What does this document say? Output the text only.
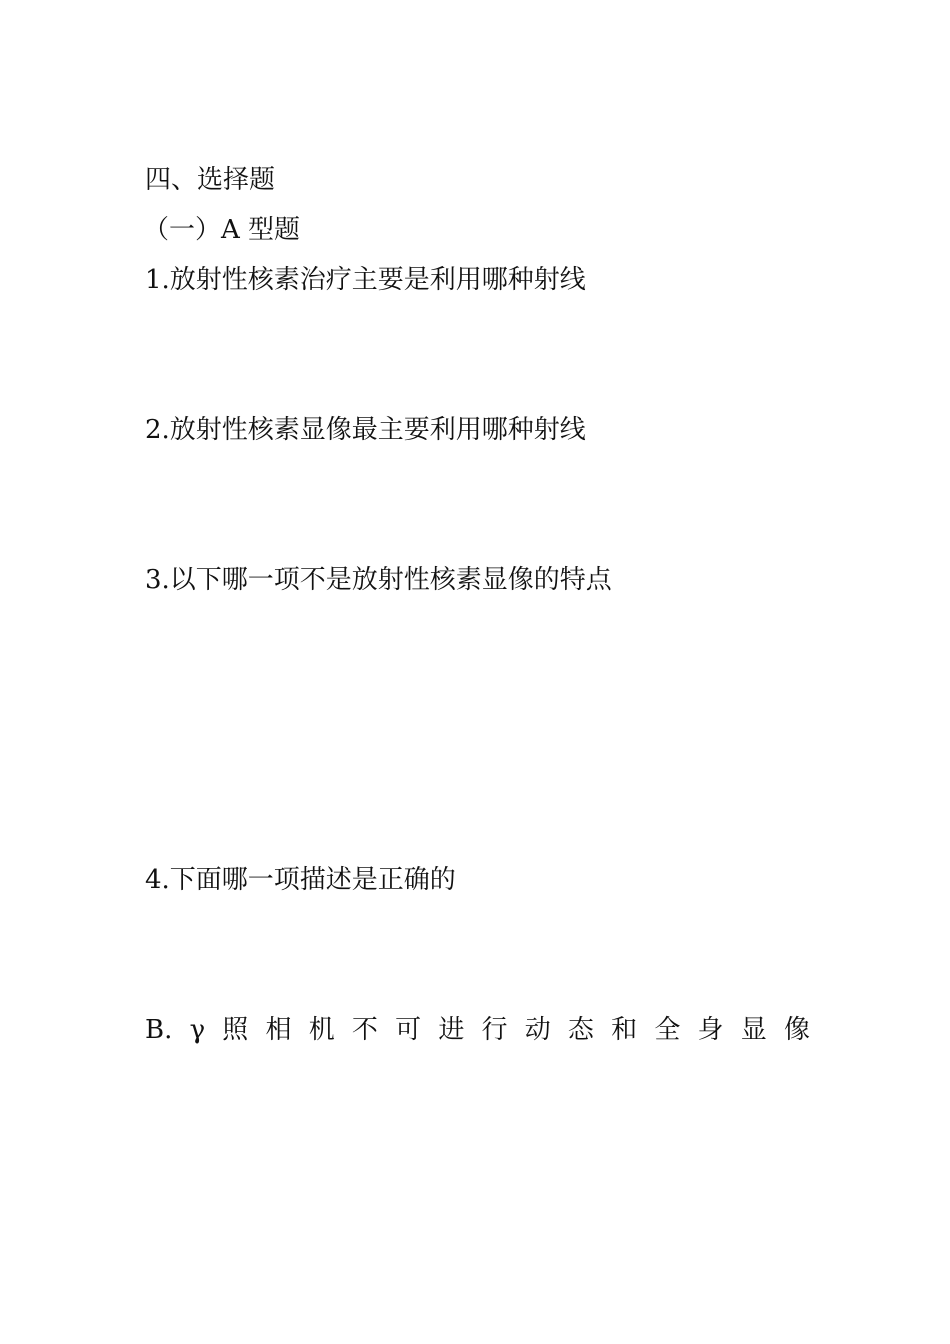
四、选择题
（一）A 型题
1.放射性核素治疗主要是利用哪种射线
2.放射性核素显像最主要利用哪种射线
3.以下哪一项不是放射性核素显像的特点
4.下面哪一项描述是正确的
B. γ 照 相 机 不 可 进 行 动 态 和 全 身 显 像
